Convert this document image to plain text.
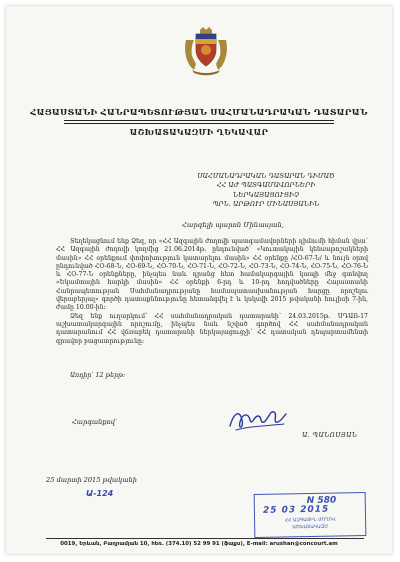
ՀԱՅԱՍՏԱՆԻ ՀԱՆՐԱՊԵՏՈՒԹՅԱՆ ՍԱՀՄԱՆԱԴՐԱԿԱՆ ԴԱՏԱՐԱՆ
ԱՇԽԱՏԱԿԱԶՄԻ ՂԵԿԱՎԱՐ
ՍԱՀՄԱՆԱԴՐԱԿԱՆ ԴԱՏԱՐԱՆ ԴԻՄԱԾ
ՀՀ ԱԺ ՊԱՏԳԱՄԱՎՈՐՆԵՐԻ
ՆԵՐԿԱՅԱՑՈՒՑԻՉ
ՊՐՆ. ԱՐԹՈՒՐ ՄԻՆԱՍՅԱՆԻՆ
Հարգելի պարոն Մինասյան,

Տեղեկացնում ենք Ձեզ, որ «ՀՀ Ազգային ժողովի պատգամավորների դիմումի հիման վրա՝ ՀՀ Ազգային ժողովի կողմից 21.06.2014թ. ընդունված՝ «Կուտակային կենսաթոշակների մասին» ՀՀ օրենքում փոփոխություն կատարելու մասին» ՀՀ օրենքը /ՀՕ-67-Ն/ և նույն օրով ընդունված ՀՕ-68-Ն, ՀՕ-69-Ն, ՀՕ-70-Ն, ՀՕ-71-Ն, ՀՕ-72-Ն, ՀՕ-73-Ն, ՀՕ-74-Ն, ՀՕ-75-Ն, ՀՕ-76-Ն և ՀՕ-77-Ն օրենքները, ինչպես նաև դրանց հետ համակարգային կապի մեջ գտնվող «Եկամտային հարկի մասին» ՀՀ օրենքի 6-րդ և 10-րդ հոդվածները Հայաստանի Հանրապետության Սահմանադրությանը համապատասխանության հարցը որոշելու վերաբերյալ» գործի դատաքննությունը հետաձգվել է և կսկսվի 2015 թվականի հուլիսի 7-ին, ժամը 10.00-ին:

Ձեզ ենք ուղարկում՝ ՀՀ սահմանադրական դատարանի՝ 24.03.2015թ. ՍԴԱՈ-17 աշխատակարգային որոշումը, ինչպես նաև նշված գործով ՀՀ սահմանադրական դատարանում ՀՀ վճռաբեկ դատարանի ներկայացուցչի՝ ՀՀ դատական դեպարտամենտի գրավոր բացատրությունը:

Առդիր՝ 12 թերթ:
Հարգանքով՝
Ա. ՊԱՆՈՍՅԱՆ
25 մարտի 2015 թվականի
Ա-124
N 580
25 03 2015
ՀՀ ԱԶԳԱՅԻՆ ԺՈՂՈՎ
ԱՇԽԱՏԱԿԱԶՄ
0019, Երևան, Բաղրամյան 10, հեռ. (374.10) 52 99 91 (ֆաքս), E-mail: arushan@concourt.am
